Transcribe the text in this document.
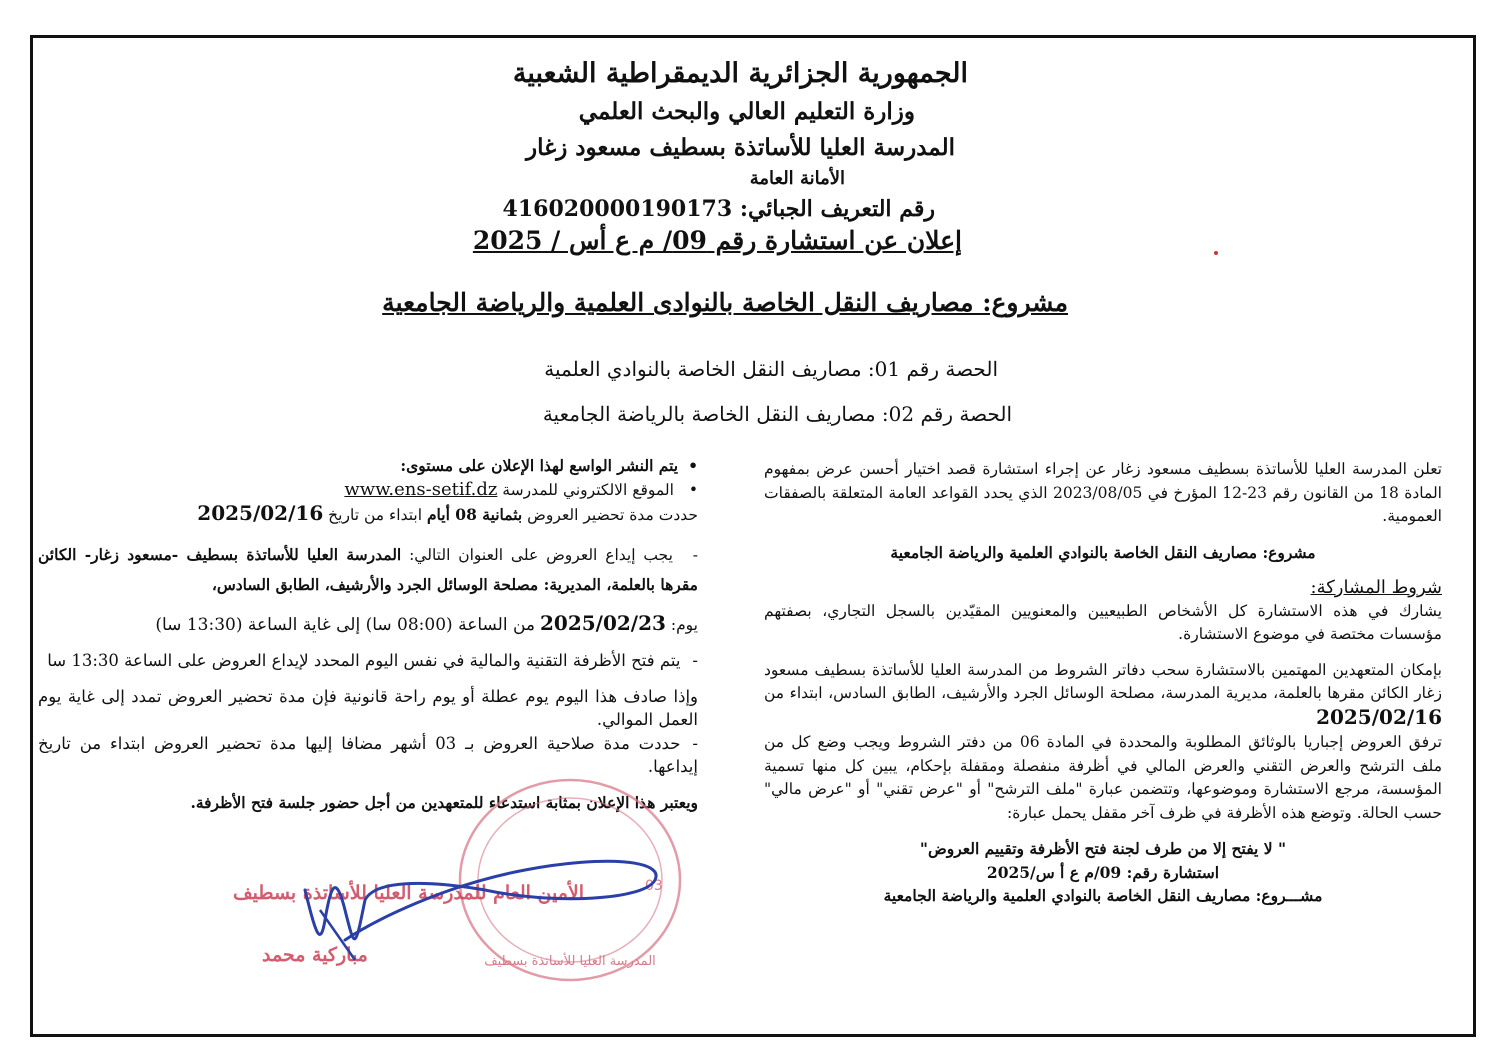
الجمهورية الجزائرية الديمقراطية الشعبية
وزارة التعليم العالي والبحث العلمي
المدرسة العليا للأساتذة بسطيف مسعود زغار
الأمانة العامة
رقم التعريف الجبائي: 416020000190173
إعلان عن استشارة رقم 09/ م ع أس / 2025
مشروع: مصاريف النقل الخاصة بالنوادى العلمية والرياضة الجامعية
الحصة رقم 01: مصاريف النقل الخاصة بالنوادي العلمية
الحصة رقم 02: مصاريف النقل الخاصة بالرياضة الجامعية

تعلن المدرسة العليا للأساتذة بسطيف مسعود زغار عن إجراء استشارة قصد اختيار أحسن عرض بمفهوم المادة 18 من القانون رقم 23-12 المؤرخ في 2023/08/05 الذي يحدد القواعد العامة المتعلقة بالصفقات العمومية.

مشروع: مصاريف النقل الخاصة بالنوادي العلمية والرياضة الجامعية

شروط المشاركة:

يشارك في هذه الاستشارة كل الأشخاص الطبيعيين والمعنويين المقيّدين بالسجل التجاري، بصفتهم مؤسسات مختصة في موضوع الاستشارة.

بإمكان المتعهدين المهتمين بالاستشارة سحب دفاتر الشروط من المدرسة العليا للأساتذة بسطيف مسعود زغار الكائن مقرها بالعلمة، مديرية المدرسة، مصلحة الوسائل الجرد والأرشيف، الطابق السادس، ابتداء من 2025/02/16

ترفق العروض إجباريا بالوثائق المطلوبة والمحددة في المادة 06 من دفتر الشروط ويجب وضع كل من ملف الترشح والعرض التقني والعرض المالي في أظرفة منفصلة ومقفلة بإحكام، يبين كل منها تسمية المؤسسة، مرجع الاستشارة وموضوعها، وتتضمن عبارة "ملف الترشح" أو "عرض تقني" أو "عرض مالي" حسب الحالة. وتوضع هذه الأظرفة في ظرف آخر مقفل يحمل عبارة:

" لا يفتح إلا من طرف لجنة فتح الأظرفة وتقييم العروض"

استشارة رقم: 09/م ع أ س/2025

مشـــروع: مصاريف النقل الخاصة بالنوادي العلمية والرياضة الجامعية

• يتم النشر الواسع لهذا الإعلان على مستوى:

• الموقع الالكتروني للمدرسة www.ens-setif.dz

حددت مدة تحضير العروض بثمانية 08 أيام ابتداء من تاريخ 2025/02/16

- يجب إيداع العروض على العنوان التالي: المدرسة العليا للأساتذة بسطيف -مسعود زغار- الكائن مقرها بالعلمة، المديرية: مصلحة الوسائل الجرد والأرشيف، الطابق السادس،

يوم: 2025/02/23 من الساعة (08:00 سا) إلى غاية الساعة (13:30 سا)

- يتم فتح الأظرفة التقنية والمالية في نفس اليوم المحدد لإيداع العروض على الساعة 13:30 سا

وإذا صادف هذا اليوم يوم عطلة أو يوم راحة قانونية فإن مدة تحضير العروض تمدد إلى غاية يوم العمل الموالي.

- حددت مدة صلاحية العروض بـ 03 أشهر مضافا إليها مدة تحضير العروض ابتداء من تاريخ إيداعها.

ويعتبر هذا الإعلان بمثابة استدعاء للمتعهدين من أجل حضور جلسة فتح الأظرفة.

03
المدرسة العليا للأساتذة بسطيف
الأمين العام للمدرسة العليا للأساتذة بسطيف
مباركية محمد
